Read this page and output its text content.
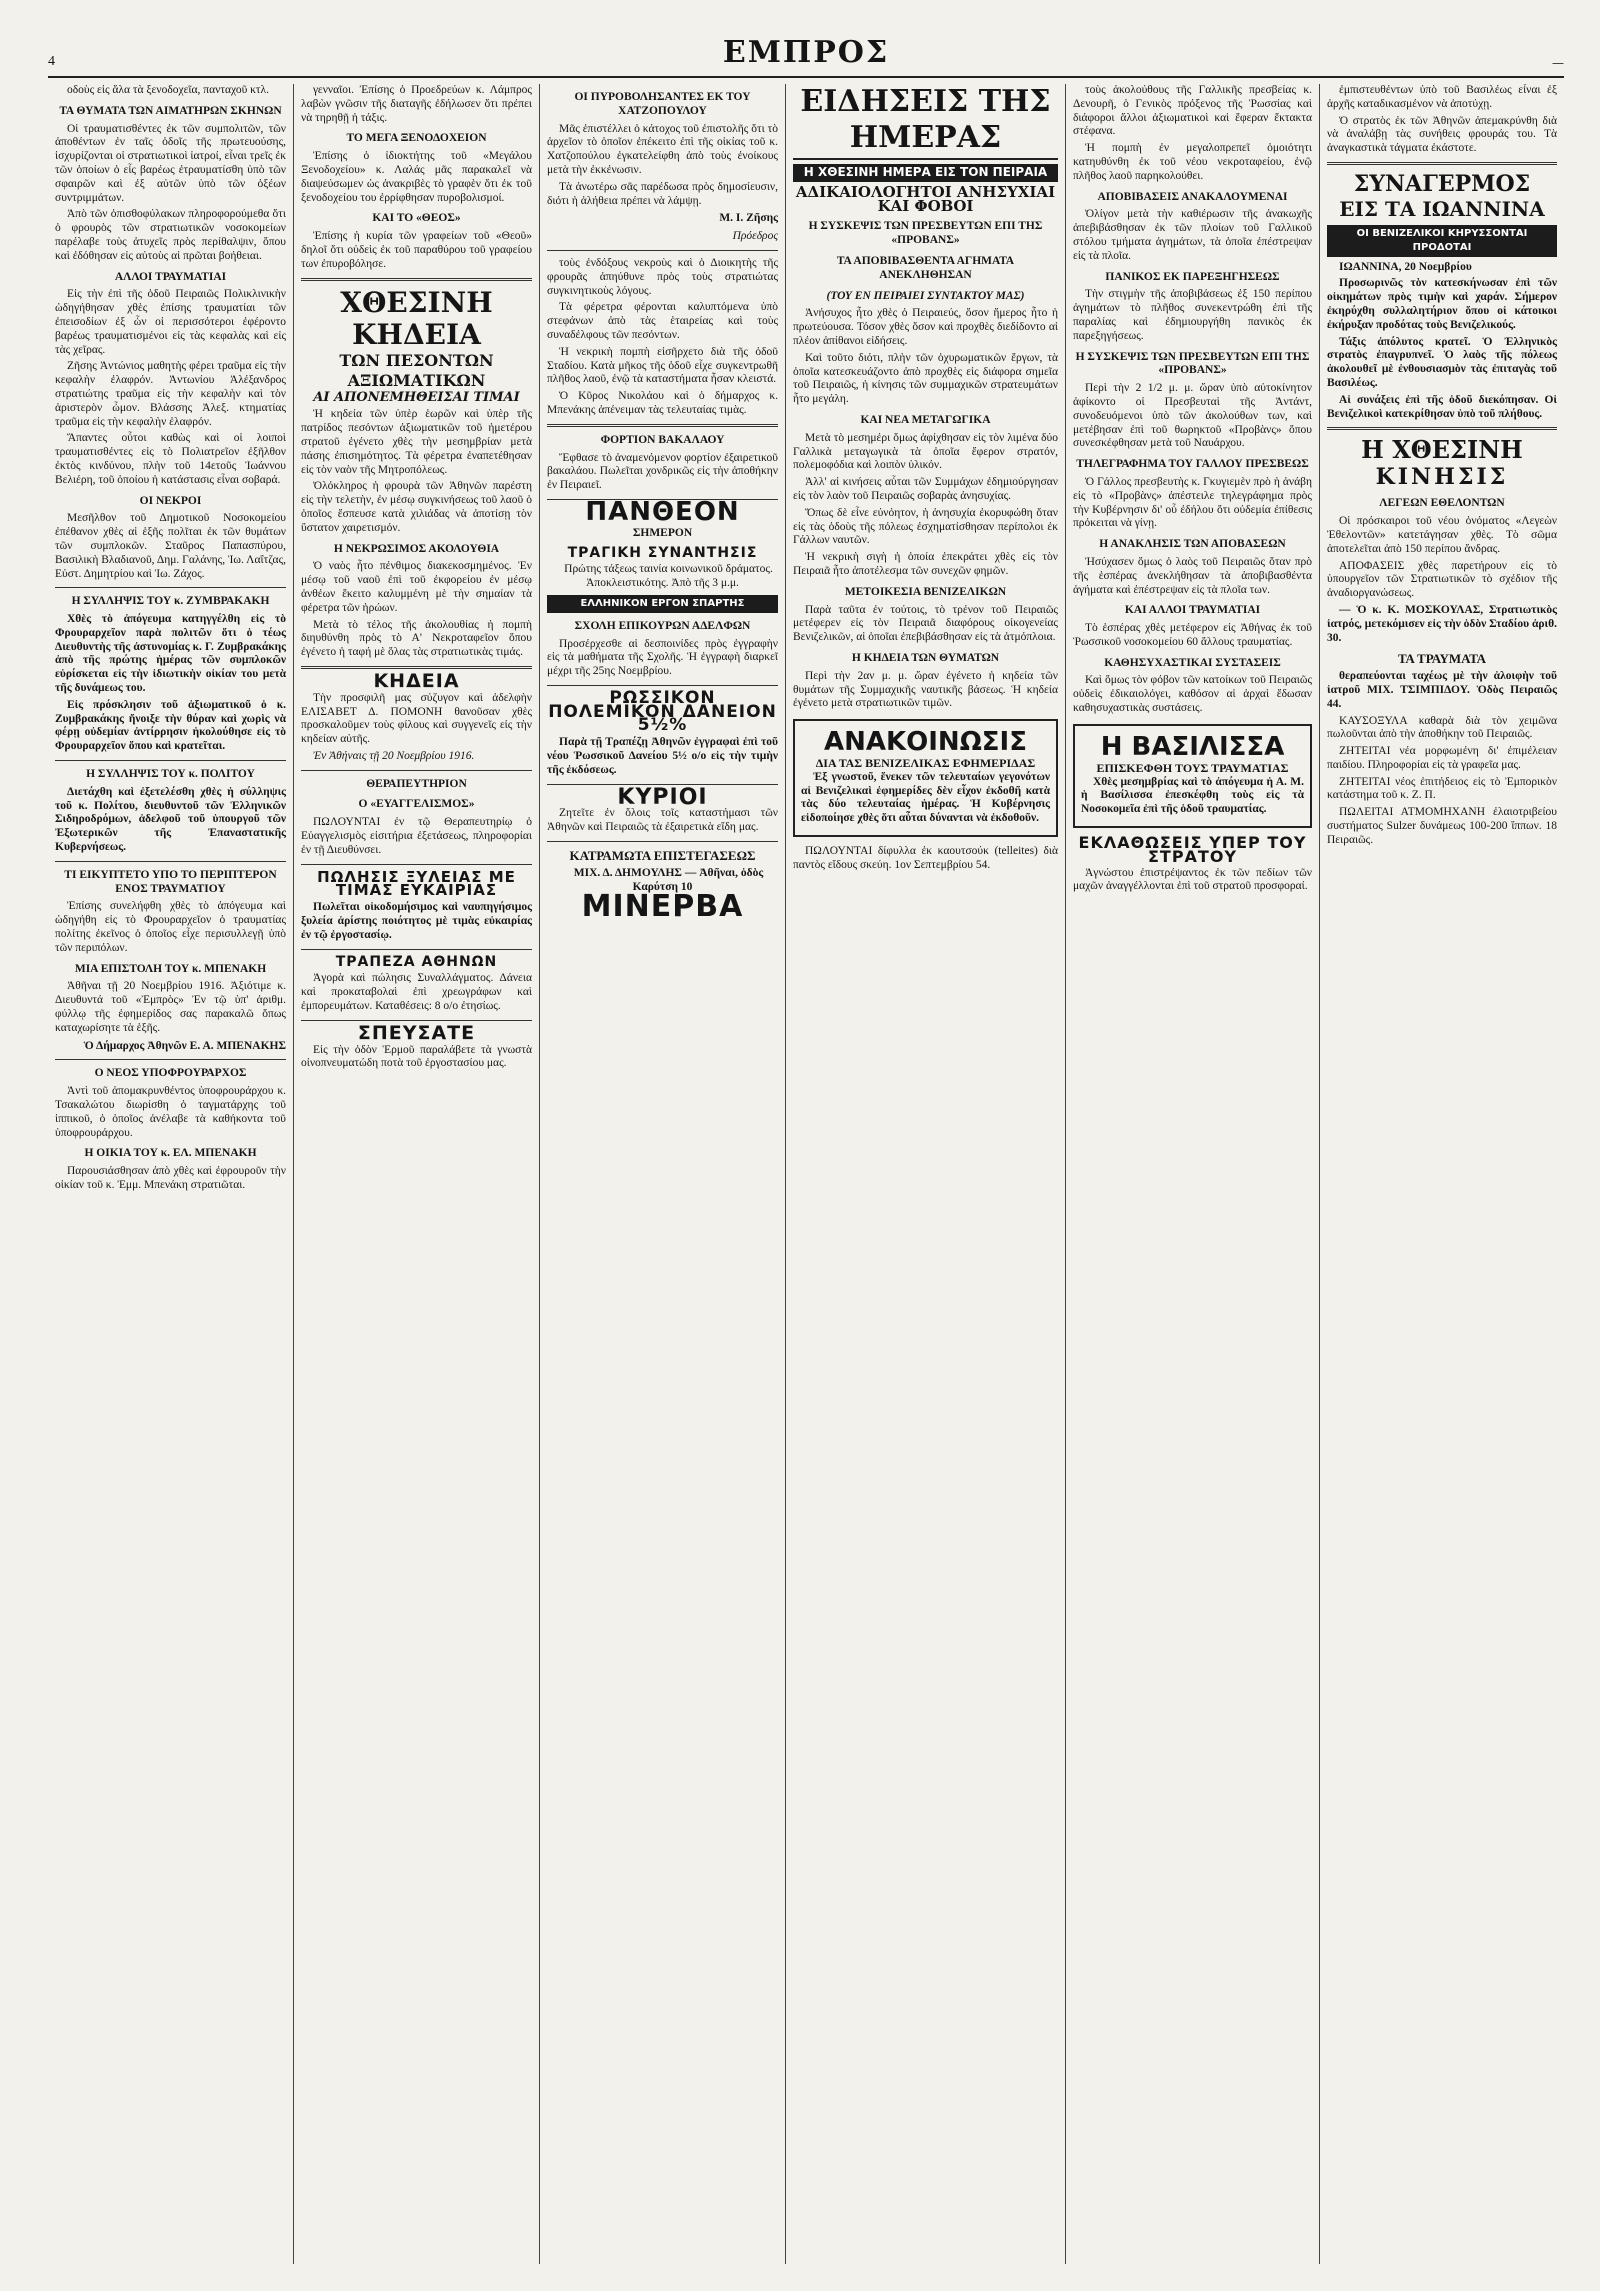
4	ΕΜΠΡΟΣ	—

οδοὺς εἰς ἅλα τὰ ξενοδοχεῖα, πανταχοῦ κτλ.

ΤΑ ΘΥΜΑΤΑ ΤΩΝ ΑΙΜΑΤΗΡΩΝ ΣΚΗΝΩΝ

Οἱ τραυματισθέντες ἐκ τῶν συμπολιτῶν, τῶν ἀποθέντων ἐν ταῖς ὁδοῖς τῆς πρωτευούσης, ἰσχυρίζονται οἱ στρατιωτικοὶ ἰατροί, εἶναι τρεῖς ἐκ τῶν ὁποίων ὁ εἷς βαρέως ἐτραυματίσθη ὑπὸ τῶν σφαιρῶν καὶ ἐξ αὐτῶν ὑπὸ τῶν ὀξέων συντριμμάτων.

Ἀπὸ τῶν ὀπισθοφύλακων πληροφορούμεθα ὅτι ὁ φρουρὸς τῶν στρατιωτικῶν νοσοκομείων παρέλαβε τοὺς ἀτυχεῖς πρὸς περίθαλψιν, ὅπου καὶ ἐδόθησαν εἰς αὐτοὺς αἱ πρῶται βοήθειαι.

ΑΛΛΟΙ ΤΡΑΥΜΑΤΙΑΙ

Εἰς τὴν ἐπὶ τῆς ὁδοῦ Πειραιῶς Πολικλινικὴν ὡδηγήθησαν χθὲς ἐπίσης τραυματίαι τῶν ἐπεισοδίων ἐξ ὧν οἱ περισσότεροι ἐφέροντο βαρέως τραυματισμένοι εἰς τὰς κεφαλὰς καὶ εἰς τὰς χεῖρας.

Ζῆσης Ἀντώνιος μαθητὴς φέρει τραῦμα εἰς τὴν κεφαλὴν ἐλαφρόν. Ἀντωνίου Ἀλέξανδρος στρατιώτης τραῦμα εἰς τὴν κεφαλὴν καὶ τὸν ἀριστερὸν ὦμον. Βλάσσης Ἀλεξ. κτηματίας τραῦμα εἰς τὴν κεφαλὴν ἐλαφρόν.

Ἅπαντες οὗτοι καθὼς καὶ οἱ λοιποὶ τραυματισθέντες εἰς τὸ Πολιατρεῖον ἐξῆλθον ἐκτὸς κινδύνου, πλὴν τοῦ 14ετοῦς Ἰωάννου Βελιέρη, τοῦ ὁποίου ἡ κατάστασις εἶναι σοβαρά.

ΟΙ ΝΕΚΡΟΙ

Μεσῆλθον τοῦ Δημοτικοῦ Νοσοκομείου ἐπέθανον χθὲς αἱ ἑξῆς πολῖται ἐκ τῶν θυμάτων τῶν συμπλοκῶν. Σταῦρος Παπασπύρου, Βασιλικὴ Βλαδιανοῦ, Δημ. Γαλάνης, Ἰω. Λαΐτζας, Εὐστ. Δημητρίου καὶ Ἰω. Ζάχος.

Η ΣΥΛΛΗΨΙΣ ΤΟΥ κ. ΖΥΜΒΡΑΚΑΚΗ

Χθὲς τὸ ἀπόγευμα κατηγγέλθη εἰς τὸ Φρουραρχεῖον παρὰ πολιτῶν ὅτι ὁ τέως Διευθυντὴς τῆς ἀστυνομίας κ. Γ. Ζυμβρακάκης ἀπὸ τῆς πρώτης ἡμέρας τῶν συμπλοκῶν εὑρίσκεται εἰς τὴν ἰδιωτικὴν οἰκίαν του μετὰ τῆς δυνάμεως του.

Εἰς πρόσκλησιν τοῦ ἀξιωματικοῦ ὁ κ. Ζυμβρακάκης ἤνοιξε τὴν θύραν καὶ χωρὶς νὰ φέρῃ οὐδεμίαν ἀντίρρησιν ἠκολούθησε εἰς τὸ Φρουραρχεῖον ὅπου καὶ κρατεῖται.

Η ΣΥΛΛΗΨΙΣ ΤΟΥ κ. ΠΟΛΙΤΟΥ

Διετάχθη καὶ ἐξετελέσθη χθὲς ἡ σύλληψις τοῦ κ. Πολίτου, διευθυντοῦ τῶν Ἑλληνικῶν Σιδηροδρόμων, ἀδελφοῦ τοῦ ὑπουργοῦ τῶν Ἐξωτερικῶν τῆς Ἐπαναστατικῆς Κυβερνήσεως.

ΤΙ ΕΙΚΥΠΤΕΤΟ ΥΠΟ ΤΟ ΠΕΡΙΠΤΕΡΟΝ ΕΝΟΣ ΤΡΑΥΜΑΤΙΟΥ

Ἐπίσης συνελήφθη χθὲς τὸ ἀπόγευμα καὶ ὡδηγήθη εἰς τὸ Φρουραρχεῖον ὁ τραυματίας πολίτης ἐκεῖνος ὁ ὁποῖος εἶχε περισυλλεγῇ ὑπὸ τῶν περιπόλων.

ΜΙΑ ΕΠΙΣΤΟΛΗ ΤΟΥ κ. ΜΠΕΝΑΚΗ

Ἀθῆναι τῇ 20 Νοεμβρίου 1916. Ἀξιότιμε κ. Διευθυντά τοῦ «Ἐμπρὸς» Ἐν τῷ ὑπ' ἀριθμ. φύλλῳ τῆς ἐφημερίδος σας παρακαλῶ ὅπως καταχωρίσητε τὰ ἑξῆς.

Ὁ Δήμαρχος Ἀθηνῶν Ε. Α. ΜΠΕΝΑΚΗΣ
Ο ΝΕΟΣ ΥΠΟΦΡΟΥΡΑΡΧΟΣ

Ἀντὶ τοῦ ἀπομακρυνθέντος ὑποφρουράρχου κ. Τσακαλώτου διωρίσθη ὁ ταγματάρχης τοῦ ἱππικοῦ, ὁ ὁποῖος ἀνέλαβε τὰ καθήκοντα τοῦ ὑποφρουράρχου.

Η ΟΙΚΙΑ ΤΟΥ κ. ΕΛ. ΜΠΕΝΑΚΗ

Παρουσιάσθησαν ἀπὸ χθὲς καὶ ἐφρουροῦν τὴν οἰκίαν τοῦ κ. Ἐμμ. Μπενάκη στρατιῶται.

γενναῖοι. Ἐπίσης ὁ Προεδρεύων κ. Λάμπρος λαβὼν γνῶσιν τῆς διαταγῆς ἐδήλωσεν ὅτι πρέπει νὰ τηρηθῇ ἡ τάξις.

ΤΟ ΜΕΓΑ ΞΕΝΟΔΟΧΕΙΟΝ

Ἐπίσης ὁ ἰδιοκτήτης τοῦ «Μεγάλου Ξενοδοχείου» κ. Λαλάς μᾶς παρακαλεῖ νὰ διαψεύσωμεν ὡς ἀνακριβὲς τὸ γραφὲν ὅτι ἐκ τοῦ ξενοδοχείου του ἐρρίφθησαν πυροβολισμοί.

ΚΑΙ ΤΟ «ΘΕΟΣ»

Ἐπίσης ἡ κυρία τῶν γραφείων τοῦ «Θεοῦ» δηλοῖ ὅτι οὐδεὶς ἐκ τοῦ παραθύρου τοῦ γραφείου των ἐπυροβόλησε.

ΧΘΕΣΙΝΗ ΚΗΔΕΙΑ
ΤΩΝ ΠΕΣΟΝΤΩΝ ΑΞΙΩΜΑΤΙΚΩΝ
ΑΙ ΑΠΟΝΕΜΗΘΕΙΣΑΙ ΤΙΜΑΙ

Ἡ κηδεία τῶν ὑπὲρ ἑωρῶν καὶ ὑπὲρ τῆς πατρίδος πεσόντων ἀξιωματικῶν τοῦ ἡμετέρου στρατοῦ ἐγένετο χθὲς τὴν μεσημβρίαν μετὰ πάσης ἐπισημότητος. Τὰ φέρετρα ἐναπετέθησαν εἰς τὸν ναὸν τῆς Μητροπόλεως.

Ὀλόκληρος ἡ φρουρὰ τῶν Ἀθηνῶν παρέστη εἰς τὴν τελετὴν, ἐν μέσῳ συγκινήσεως τοῦ λαοῦ ὁ ὁποῖος ἔσπευσε κατὰ χιλιάδας νὰ ἀποτίσῃ τὸν ὕστατον χαιρετισμόν.

Η ΝΕΚΡΩΣΙΜΟΣ ΑΚΟΛΟΥΘΙΑ

Ὁ ναὸς ἦτο πένθιμος διακεκοσμημένος. Ἐν μέσῳ τοῦ ναοῦ ἐπὶ τοῦ ἐκφορείου ἐν μέσῳ ἀνθέων ἔκειτο καλυμμένη μὲ τὴν σημαίαν τὰ φέρετρα τῶν ἡρώων.

Μετὰ τὸ τέλος τῆς ἀκολουθίας ἡ πομπὴ διηυθύνθη πρὸς τὸ Α' Νεκροταφεῖον ὅπου ἐγένετο ἡ ταφή μὲ ὅλας τὰς στρατιωτικὰς τιμάς.

ΚΗΔΕΙΑ

Τὴν προσφιλῆ μας σύζυγον καὶ ἀδελφὴν ΕΛΙΣΑΒΕΤ Δ. ΠΟΜΟΝΗ θανοῦσαν χθὲς προσκαλοῦμεν τοὺς φίλους καὶ συγγενεῖς εἰς τὴν κηδείαν αὐτῆς.

Ἐν Ἀθήναις τῇ 20 Νοεμβρίου 1916.

ΘΕΡΑΠΕΥΤΗΡΙΟΝ
Ο «ΕΥΑΓΓΕΛΙΣΜΟΣ»

ΠΩΛΟΥΝΤΑΙ ἐν τῷ Θεραπευτηρίῳ ὁ Εὐαγγελισμὸς εἰσιτήρια ἐξετάσεως, πληροφορίαι ἐν τῇ Διευθύνσει.

ΠΩΛΗΣΙΣ ΞΥΛΕΙΑΣ ΜΕ ΤΙΜΑΣ ΕΥΚΑΙΡΙΑΣ

Πωλεῖται οἰκοδομήσιμος καὶ ναυπηγήσιμος ξυλεία ἀρίστης ποιότητος μὲ τιμὰς εὐκαιρίας ἐν τῷ ἐργοστασίῳ.

ΤΡΑΠΕΖΑ ΑΘΗΝΩΝ

Ἀγορὰ καὶ πώλησις Συναλλάγματος. Δάνεια καὶ προκαταβολαὶ ἐπὶ χρεωγράφων καὶ ἐμπορευμάτων. Καταθέσεις: 8 ο/ο ἐτησίως.

ΣΠΕΥΣΑΤΕ

Εἰς τὴν ὁδὸν Ἑρμοῦ παραλάβετε τὰ γνωστὰ οἰνοπνευματώδη ποτὰ τοῦ ἐργοστασίου μας.

ΟΙ ΠΥΡΟΒΟΛΗΣΑΝΤΕΣ ΕΚ ΤΟΥ ΧΑΤΖΟΠΟΥΛΟΥ

Μᾶς ἐπιστέλλει ὁ κάτοχος τοῦ ἐπιστολῆς ὅτι τὸ ἀρχεῖον τὸ ὁποῖον ἐπέκειτο ἐπὶ τῆς οἰκίας τοῦ κ. Χατζοπούλου ἐγκατελείφθη ἀπὸ τοὺς ἐνοίκους μετὰ τὴν ἐκκένωσιν.

Τὰ ἀνωτέρω σᾶς παρέδωσα πρὸς δημοσίευσιν, διότι ἡ ἀλήθεια πρέπει νὰ λάμψῃ.

Μ. Ι. Ζῆσης
Πρόεδρος

τοὺς ἐνδόξους νεκροὺς καὶ ὁ Διοικητὴς τῆς φρουρᾶς ἀπηύθυνε πρὸς τοὺς στρατιώτας συγκινητικοὺς λόγους.

Τὰ φέρετρα φέρονται καλυπτόμενα ὑπὸ στεφάνων ἀπὸ τὰς ἑταιρείας καὶ τοὺς συναδέλφους τῶν πεσόντων.

Ἡ νεκρικὴ πομπὴ εἰσῆρχετο διὰ τῆς ὁδοῦ Σταδίου. Κατὰ μῆκος τῆς ὁδοῦ εἶχε συγκεντρωθῆ πλῆθος λαοῦ, ἐνῷ τὰ καταστήματα ἦσαν κλειστά.

Ὁ Κῦρος Νικολάου καὶ ὁ δήμαρχος κ. Μπενάκης ἀπένειμαν τὰς τελευταίας τιμὰς.

ΦΟΡΤΙΟΝ ΒΑΚΑΛΑΟΥ

Ἔφθασε τὸ ἀναμενόμενον φορτίον ἐξαιρετικοῦ βακαλάου. Πωλεῖται χονδρικῶς εἰς τὴν ἀποθήκην ἐν Πειραιεῖ.

ΠΑΝΘΕΟΝ
ΣΗΜΕΡΟΝ
ΤΡΑΓΙΚΗ ΣΥΝΑΝΤΗΣΙΣ

Πρώτης τάξεως ταινία κοινωνικοῦ δράματος. Ἀποκλειστικότης. Ἀπὸ τῆς 3 μ.μ.

ΕΛΛΗΝΙΚΟΝ ΕΡΓΟΝ ΣΠΑΡΤΗΣ
ΣΧΟΛΗ ΕΠΙΚΟΥΡΩΝ ΑΔΕΛΦΩΝ

Προσέρχεσθε αἱ δεσποινίδες πρὸς ἐγγραφὴν εἰς τὰ μαθήματα τῆς Σχολῆς. Ἡ ἐγγραφὴ διαρκεῖ μέχρι τῆς 25ης Νοεμβρίου.

ΡΩΣΣΙΚΟΝ ΠΟΛΕΜΙΚΟΝ ΔΑΝΕΙΟΝ 5½%

Παρὰ τῇ Τραπέζῃ Ἀθηνῶν ἐγγραφαὶ ἐπὶ τοῦ νέου Ῥωσσικοῦ Δανείου 5½ ο/ο εἰς τὴν τιμὴν τῆς ἐκδόσεως.

ΚΥΡΙΟΙ

Ζητεῖτε ἐν ὅλοις τοῖς καταστήμασι τῶν Ἀθηνῶν καὶ Πειραιῶς τὰ ἐξαιρετικὰ εἴδη μας.

ΚΑΤΡΑΜΩΤΑ ΕΠΙΣΤΕΓΑΣΕΩΣ

ΜΙΧ. Δ. ΔΗΜΟΥΛΗΣ — Ἀθῆναι, ὁδὸς Καρύτση 10

ΜΙΝΕΡΒΑ
ΕΙΔΗΣΕΙΣ ΤΗΣ ΗΜΕΡΑΣ
Η ΧΘΕΣΙΝΗ ΗΜΕΡΑ ΕΙΣ ΤΟΝ ΠΕΙΡΑΙΑ
ΑΔΙΚΑΙΟΛΟΓΗΤΟΙ ΑΝΗΣΥΧΙΑΙ ΚΑΙ ΦΟΒΟΙ
Η ΣΥΣΚΕΨΙΣ ΤΩΝ ΠΡΕΣΒΕΥΤΩΝ ΕΠΙ ΤΗΣ «ΠΡΟΒΑΝΣ»
ΤΑ ΑΠΟΒΙΒΑΣΘΕΝΤΑ ΑΓΗΜΑΤΑ ΑΝΕΚΛΗΘΗΣΑΝ
(ΤΟΥ ΕΝ ΠΕΙΡΑΙΕΙ ΣΥΝΤΑΚΤΟΥ ΜΑΣ)

Ἀνήσυχος ἦτο χθὲς ὁ Πειραιεύς, ὅσον ἥμερος ἦτο ἡ πρωτεύουσα. Τόσον χθὲς ὅσον καὶ προχθὲς διεδίδοντο αἱ πλέον ἀπίθανοι εἰδήσεις.

Καὶ τοῦτο διότι, πλὴν τῶν ὀχυρωματικῶν ἔργων, τὰ ὁποῖα κατεσκευάζοντο ἀπὸ προχθὲς εἰς διάφορα σημεῖα τοῦ Πειραιῶς, ἡ κίνησις τῶν συμμαχικῶν στρατευμάτων ἦτο μεγάλη.

ΚΑΙ ΝΕΑ ΜΕΤΑΓΩΓΙΚΑ

Μετὰ τὸ μεσημέρι ὅμως ἀφίχθησαν εἰς τὸν λιμένα δύο Γαλλικὰ μεταγωγικὰ τὰ ὁποῖα ἔφερον στρατόν, πολεμοφόδια καὶ λοιπὸν ὑλικόν.

Ἀλλ' αἱ κινήσεις αὗται τῶν Συμμάχων ἐδημιούργησαν εἰς τὸν λαὸν τοῦ Πειραιῶς σοβαρὰς ἀνησυχίας.

Ὅπως δὲ εἶνε εὐνόητον, ἡ ἀνησυχία ἐκορυφώθη ὅταν εἰς τὰς ὁδοὺς τῆς πόλεως ἐσχηματίσθησαν περίπολοι ἐκ Γάλλων ναυτῶν.

Ἡ νεκρικὴ σιγὴ ἡ ὁποία ἐπεκράτει χθὲς εἰς τὸν Πειραιᾶ ἦτο ἀποτέλεσμα τῶν συνεχῶν φημῶν.

ΜΕΤΟΙΚΕΣΙΑ ΒΕΝΙΖΕΛΙΚΩΝ

Παρὰ ταῦτα ἐν τούτοις, τὸ τρένον τοῦ Πειραιῶς μετέφερεν εἰς τὸν Πειραιᾶ διαφόρους οἰκογενείας Βενιζελικῶν, αἱ ὁποῖαι ἐπεβιβάσθησαν εἰς τὰ ἀτμόπλοια.

Η ΚΗΔΕΙΑ ΤΩΝ ΘΥΜΑΤΩΝ

Περὶ τὴν 2αν μ. μ. ὥραν ἐγένετο ἡ κηδεία τῶν θυμάτων τῆς Συμμαχικῆς ναυτικῆς βάσεως. Ἡ κηδεία ἐγένετο μετὰ στρατιωτικῶν τιμῶν.

ΑΝΑΚΟΙΝΩΣΙΣ
ΔΙΑ ΤΑΣ ΒΕΝΙΖΕΛΙΚΑΣ ΕΦΗΜΕΡΙΔΑΣ

Ἐξ γνωστοῦ, ἕνεκεν τῶν τελευταίων γεγονότων αἱ Βενιζελικαὶ ἐφημερίδες δὲν εἶχον ἐκδοθῆ κατὰ τὰς δύο τελευταίας ἡμέρας. Ἡ Κυβέρνησις εἰδοποίησε χθὲς ὅτι αὗται δύνανται νὰ ἐκδοθοῦν.

ΠΩΛΟΥΝΤΑΙ δίφυλλα ἐκ καουτσούκ (telleites) διὰ παντὸς εἴδους σκεύη. 1ον Σεπτεμβρίου 54.

τοὺς ἀκολούθους τῆς Γαλλικῆς πρεσβείας κ. Δενουρῆ, ὁ Γενικὸς πρόξενος τῆς Ῥωσσίας καὶ διάφοροι ἄλλοι ἀξιωματικοὶ καὶ ἔφεραν ἔκτακτα στέφανα.

Ἡ πομπὴ ἐν μεγαλοπρεπεῖ ὁμοιότητι κατηυθύνθη ἐκ τοῦ νέου νεκροταφείου, ἐνῷ πλῆθος λαοῦ παρηκολούθει.

ΑΠΟΒΙΒΑΣΕΙΣ ΑΝΑΚΑΛΟΥΜΕΝΑΙ

Ὀλίγον μετὰ τὴν καθιέρωσιν τῆς ἀνακωχῆς ἀπεβιβάσθησαν ἐκ τῶν πλοίων τοῦ Γαλλικοῦ στόλου τμήματα ἀγημάτων, τὰ ὁποῖα ἐπέστρεψαν εἰς τὰ πλοῖα.

ΠΑΝΙΚΟΣ ΕΚ ΠΑΡΕΞΗΓΗΣΕΩΣ

Τὴν στιγμὴν τῆς ἀποβιβάσεως ἐξ 150 περίπου ἀγημάτων τὸ πλῆθος συνεκεντρώθη ἐπὶ τῆς παραλίας καὶ ἐδημιουργήθη πανικὸς ἐκ παρεξηγήσεως.

Η ΣΥΣΚΕΨΙΣ ΤΩΝ ΠΡΕΣΒΕΥΤΩΝ ΕΠΙ ΤΗΣ «ΠΡΟΒΑΝΣ»

Περὶ τὴν 2 1/2 μ. μ. ὥραν ὑπὸ αὐτοκίνητον ἀφίκοντο οἱ Πρεσβευταὶ τῆς Ἀντάντ, συνοδευόμενοι ὑπὸ τῶν ἀκολούθων των, καὶ μετέβησαν ἐπὶ τοῦ θωρηκτοῦ «Προβὰνς» ὅπου συνεσκέφθησαν μετὰ τοῦ Ναυάρχου.

ΤΗΛΕΓΡΑΦΗΜΑ ΤΟΥ ΓΑΛΛΟΥ ΠΡΕΣΒΕΩΣ

Ὁ Γάλλος πρεσβευτὴς κ. Γκυγιεμὲν πρὸ ἡ ἀνάβη εἰς τὸ «Προβὰνς» ἀπέστειλε τηλεγράφημα πρὸς τὴν Κυβέρνησιν δι' οὗ ἐδήλου ὅτι οὐδεμία ἐπίθεσις πρόκειται νὰ γίνῃ.

Η ΑΝΑΚΛΗΣΙΣ ΤΩΝ ΑΠΟΒΑΣΕΩΝ

Ἠσύχασεν ὅμως ὁ λαὸς τοῦ Πειραιῶς ὅταν πρὸ τῆς ἑσπέρας ἀνεκλήθησαν τὰ ἀποβιβασθέντα ἀγήματα καὶ ἐπέστρεψαν εἰς τὰ πλοῖα των.

ΚΑΙ ΑΛΛΟΙ ΤΡΑΥΜΑΤΙΑΙ

Τὸ ἑσπέρας χθὲς μετέφερον εἰς Ἀθήνας ἐκ τοῦ Ῥωσσικοῦ νοσοκομείου 60 ἄλλους τραυματίας.

ΚΑΘΗΣΥΧΑΣΤΙΚΑΙ ΣΥΣΤΑΣΕΙΣ

Καὶ ὅμως τὸν φόβον τῶν κατοίκων τοῦ Πειραιῶς οὐδεὶς ἐδικαιολόγει, καθόσον αἱ ἀρχαὶ ἔδωσαν καθησυχαστικὰς συστάσεις.

Η ΒΑΣΙΛΙΣΣΑ
ΕΠΙΣΚΕΦΘΗ ΤΟΥΣ ΤΡΑΥΜΑΤΙΑΣ

Χθὲς μεσημβρίας καὶ τὸ ἀπόγευμα ἡ Α. Μ. ἡ Βασίλισσα ἐπεσκέφθη τοὺς εἰς τὰ Νοσοκομεῖα ἐπὶ τῆς ὁδοῦ τραυματίας.

ΕΚΛΑΘΩΣΕΙΣ ΥΠΕΡ ΤΟΥ ΣΤΡΑΤΟΥ

Ἀγνώστου ἐπιστρέψαντος ἐκ τῶν πεδίων τῶν μαχῶν ἀναγγέλλονται ἐπὶ τοῦ στρατοῦ προσφοραί.

ἐμπιστευθέντων ὑπὸ τοῦ Βασιλέως εἶναι ἐξ ἀρχῆς καταδικασμένον νὰ ἀποτύχῃ.

Ὁ στρατὸς ἐκ τῶν Ἀθηνῶν ἀπεμακρύνθη διὰ νὰ ἀναλάβῃ τὰς συνήθεις φρουράς του. Τὰ ἀναγκαστικὰ τάγματα ἐκάστοτε.

ΣΥΝΑΓΕΡΜΟΣ
ΕΙΣ ΤΑ ΙΩΑΝΝΙΝΑ
ΟΙ ΒΕΝΙΖΕΛΙΚΟΙ ΚΗΡΥΣΣΟΝΤΑΙ ΠΡΟΔΟΤΑΙ

ΙΩΑΝΝΙΝΑ, 20 Νοεμβρίου

Προσωρινῶς τὸν κατεσκήνωσαν ἐπὶ τῶν οἰκημάτων πρὸς τιμὴν καὶ χαράν. Σήμερον ἐκηρύχθη συλλαλητήριον ὅπου οἱ κάτοικοι ἐκήρυξαν προδότας τοὺς Βενιζελικούς.

Τάξις ἀπόλυτος κρατεῖ. Ὁ Ἐλληνικὸς στρατὸς ἐπαγρυπνεῖ. Ὁ λαὸς τῆς πόλεως ἀκολουθεῖ μὲ ἐνθουσιασμὸν τὰς ἐπιταγὰς τοῦ Βασιλέως.

Αἱ συνάξεις ἐπὶ τῆς ὁδοῦ διεκόπησαν. Οἱ Βενιζελικοὶ κατεκρίθησαν ὑπὸ τοῦ πλήθους.

Η ΧΘΕΣΙΝΗ
ΚΙΝΗΣΙΣ
ΛΕΓΕΩΝ ΕΘΕΛΟΝΤΩΝ

Οἱ πρόσκαιροι τοῦ νέου ὀνόματος «Λεγεὼν Ἐθελοντῶν» κατετάγησαν χθὲς. Τὸ σῶμα ἀποτελεῖται ἀπὸ 150 περίπου ἄνδρας.

ΑΠΟΦΑΣΕΙΣ χθὲς παρετήρουν εἰς τὸ ὑπουργεῖον τῶν Στρατιωτικῶν τὸ σχέδιον τῆς ἀναδιοργανώσεως.

— Ὁ κ. Κ. ΜΟΣΚΟΥΛΑΣ, Στρατιωτικὸς ἰατρός, μετεκόμισεν εἰς τὴν ὁδὸν Σταδίου ἀριθ. 30.

ΤΑ ΤΡΑΥΜΑΤΑ

θεραπεύονται ταχέως μὲ τὴν ἀλοιφὴν τοῦ ἰατροῦ ΜΙΧ. ΤΣΙΜΠΙΔΟΥ. Ὁδὸς Πειραιῶς 44.

ΚΑΥΣΟΞΥΛΑ καθαρὰ διὰ τὸν χειμῶνα πωλοῦνται ἀπὸ τὴν ἀποθήκην τοῦ Πειραιῶς.

ΖΗΤΕΙΤΑΙ νέα μορφωμένη δι' ἐπιμέλειαν παιδίου. Πληροφορίαι εἰς τὰ γραφεῖα μας.

ΖΗΤΕΙΤΑΙ νέος ἐπιτήδειος εἰς τὸ Ἐμπορικὸν κατάστημα τοῦ κ. Ζ. Π.

ΠΩΛΕΙΤΑΙ ΑΤΜΟΜΗΧΑΝΗ ἐλαιοτριβείου συστήματος Sulzer δυνάμεως 100-200 ἵππων. 18 Πειραιῶς.
